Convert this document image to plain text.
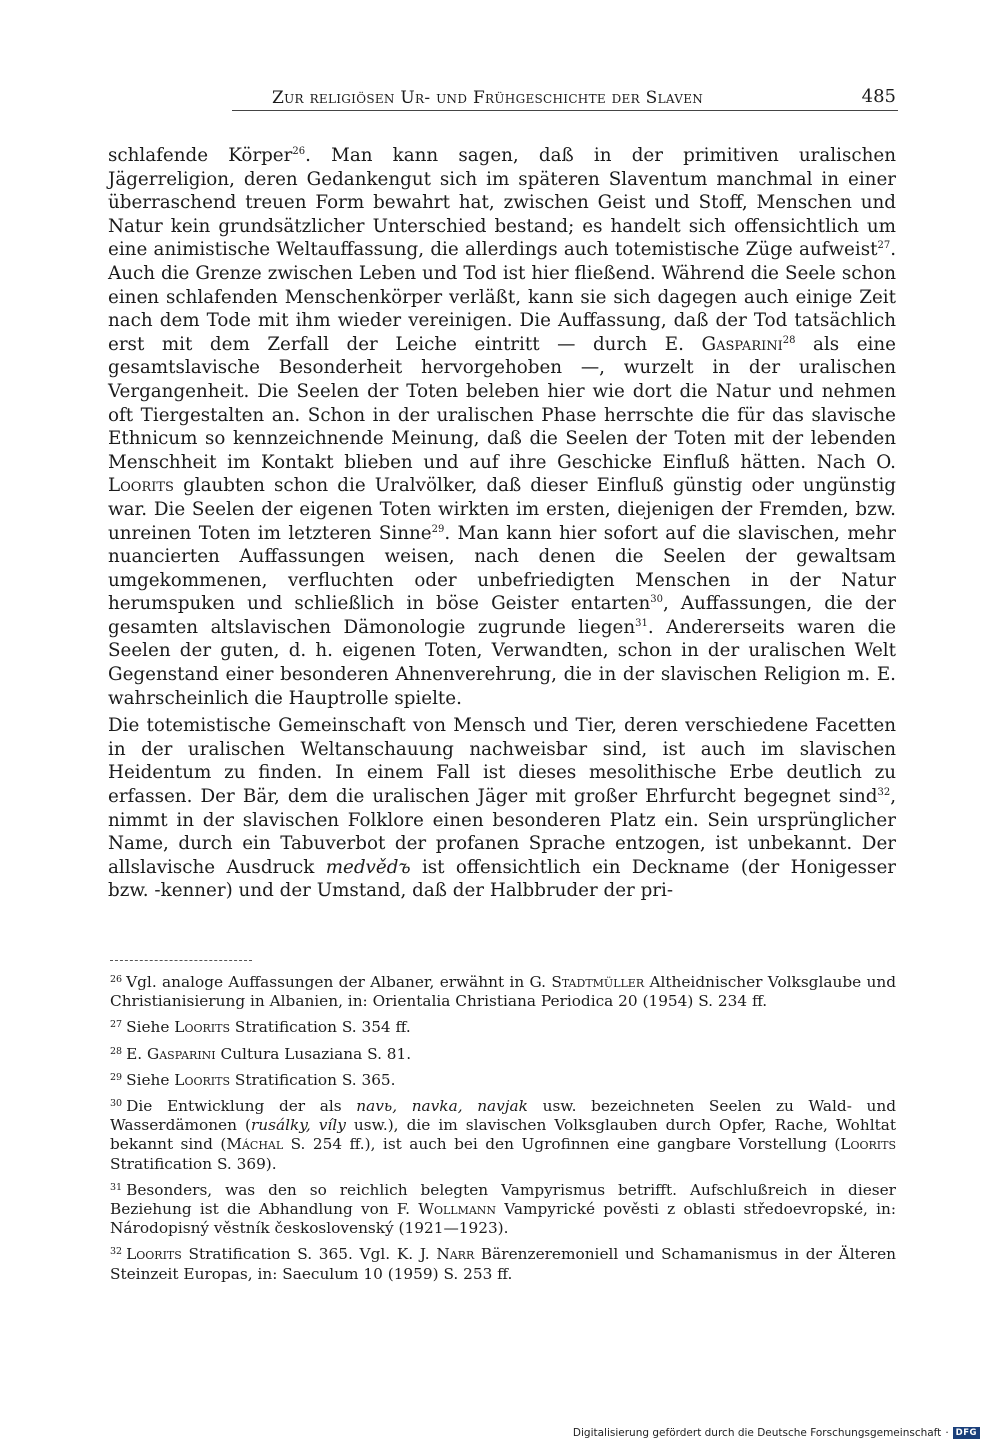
Zur religiösen Ur- und Frühgeschichte der Slaven	485

schlafende Körper$^{26}$. Man kann sagen, daß in der primitiven uralischen Jägerreligion, deren Gedankengut sich im späteren Slaventum manchmal in einer überraschend treuen Form bewahrt hat, zwischen Geist und Stoff, Menschen und Natur kein grundsätzlicher Unterschied bestand; es handelt sich offensichtlich um eine animistische Weltauffassung, die allerdings auch totemistische Züge aufweist$^{27}$. Auch die Grenze zwischen Leben und Tod ist hier fließend. Während die Seele schon einen schlafenden Menschenkörper verläßt, kann sie sich dagegen auch einige Zeit nach dem Tode mit ihm wieder vereinigen. Die Auffassung, daß der Tod tatsächlich erst mit dem Zerfall der Leiche eintritt — durch E. Gasparini$^{28}$ als eine gesamtslavische Besonderheit hervorgehoben —, wurzelt in der uralischen Vergangenheit. Die Seelen der Toten beleben hier wie dort die Natur und nehmen oft Tiergestalten an. Schon in der uralischen Phase herrschte die für das slavische Ethnicum so kennzeichnende Meinung, daß die Seelen der Toten mit der lebenden Menschheit im Kontakt blieben und auf ihre Geschicke Einfluß hätten. Nach O. Loorits glaubten schon die Uralvölker, daß dieser Einfluß günstig oder ungünstig war. Die Seelen der eigenen Toten wirkten im ersten, diejenigen der Fremden, bzw. unreinen Toten im letzteren Sinne$^{29}$. Man kann hier sofort auf die slavischen, mehr nuancierten Auffassungen weisen, nach denen die Seelen der gewaltsam umgekommenen, verfluchten oder unbefriedigten Menschen in der Natur herumspuken und schließlich in böse Geister entarten$^{30}$, Auffassungen, die der gesamten altslavischen Dämonologie zugrunde liegen$^{31}$. Andererseits waren die Seelen der guten, d. h. eigenen Toten, Verwandten, schon in der uralischen Welt Gegenstand einer besonderen Ahnenverehrung, die in der slavischen Religion m. E. wahrscheinlich die Hauptrolle spielte.

Die totemistische Gemeinschaft von Mensch und Tier, deren verschiedene Facetten in der uralischen Weltanschauung nachweisbar sind, ist auch im slavischen Heidentum zu finden. In einem Fall ist dieses mesolithische Erbe deutlich zu erfassen. Der Bär, dem die uralischen Jäger mit großer Ehrfurcht begegnet sind$^{32}$, nimmt in der slavischen Folklore einen besonderen Platz ein. Sein ursprünglicher Name, durch ein Tabuverbot der profanen Sprache entzogen, ist unbekannt. Der allslavische Ausdruck medvědъ ist offensichtlich ein Deckname (der Honigesser bzw. -kenner) und der Umstand, daß der Halbbruder der pri-

$^{26}$ Vgl. analoge Auffassungen der Albaner, erwähnt in G. Stadtmüller Altheidnischer Volksglaube und Christianisierung in Albanien, in: Orientalia Christiana Periodica 20 (1954) S. 234 ff.

$^{27}$ Siehe Loorits Stratification S. 354 ff.

$^{28}$ E. Gasparini Cultura Lusaziana S. 81.

$^{29}$ Siehe Loorits Stratification S. 365.

$^{30}$ Die Entwicklung der als navь, navka, navjak usw. bezeichneten Seelen zu Wald- und Wasserdämonen (rusálky, víly usw.), die im slavischen Volksglauben durch Opfer, Rache, Wohltat bekannt sind (Máchal S. 254 ff.), ist auch bei den Ugrofinnen eine gangbare Vorstellung (Loorits Stratification S. 369).

$^{31}$ Besonders, was den so reichlich belegten Vampyrismus betrifft. Aufschlußreich in dieser Beziehung ist die Abhandlung von F. Wollmann Vampyrické pověsti z oblasti středoevropské, in: Národopisný věstník československý (1921—1923).

$^{32}$ Loorits Stratification S. 365. Vgl. K. J. Narr Bärenzeremoniell und Schamanismus in der Älteren Steinzeit Europas, in: Saeculum 10 (1959) S. 253 ff.

Digitalisierung gefördert durch die Deutsche Forschungsgemeinschaft · DFG
